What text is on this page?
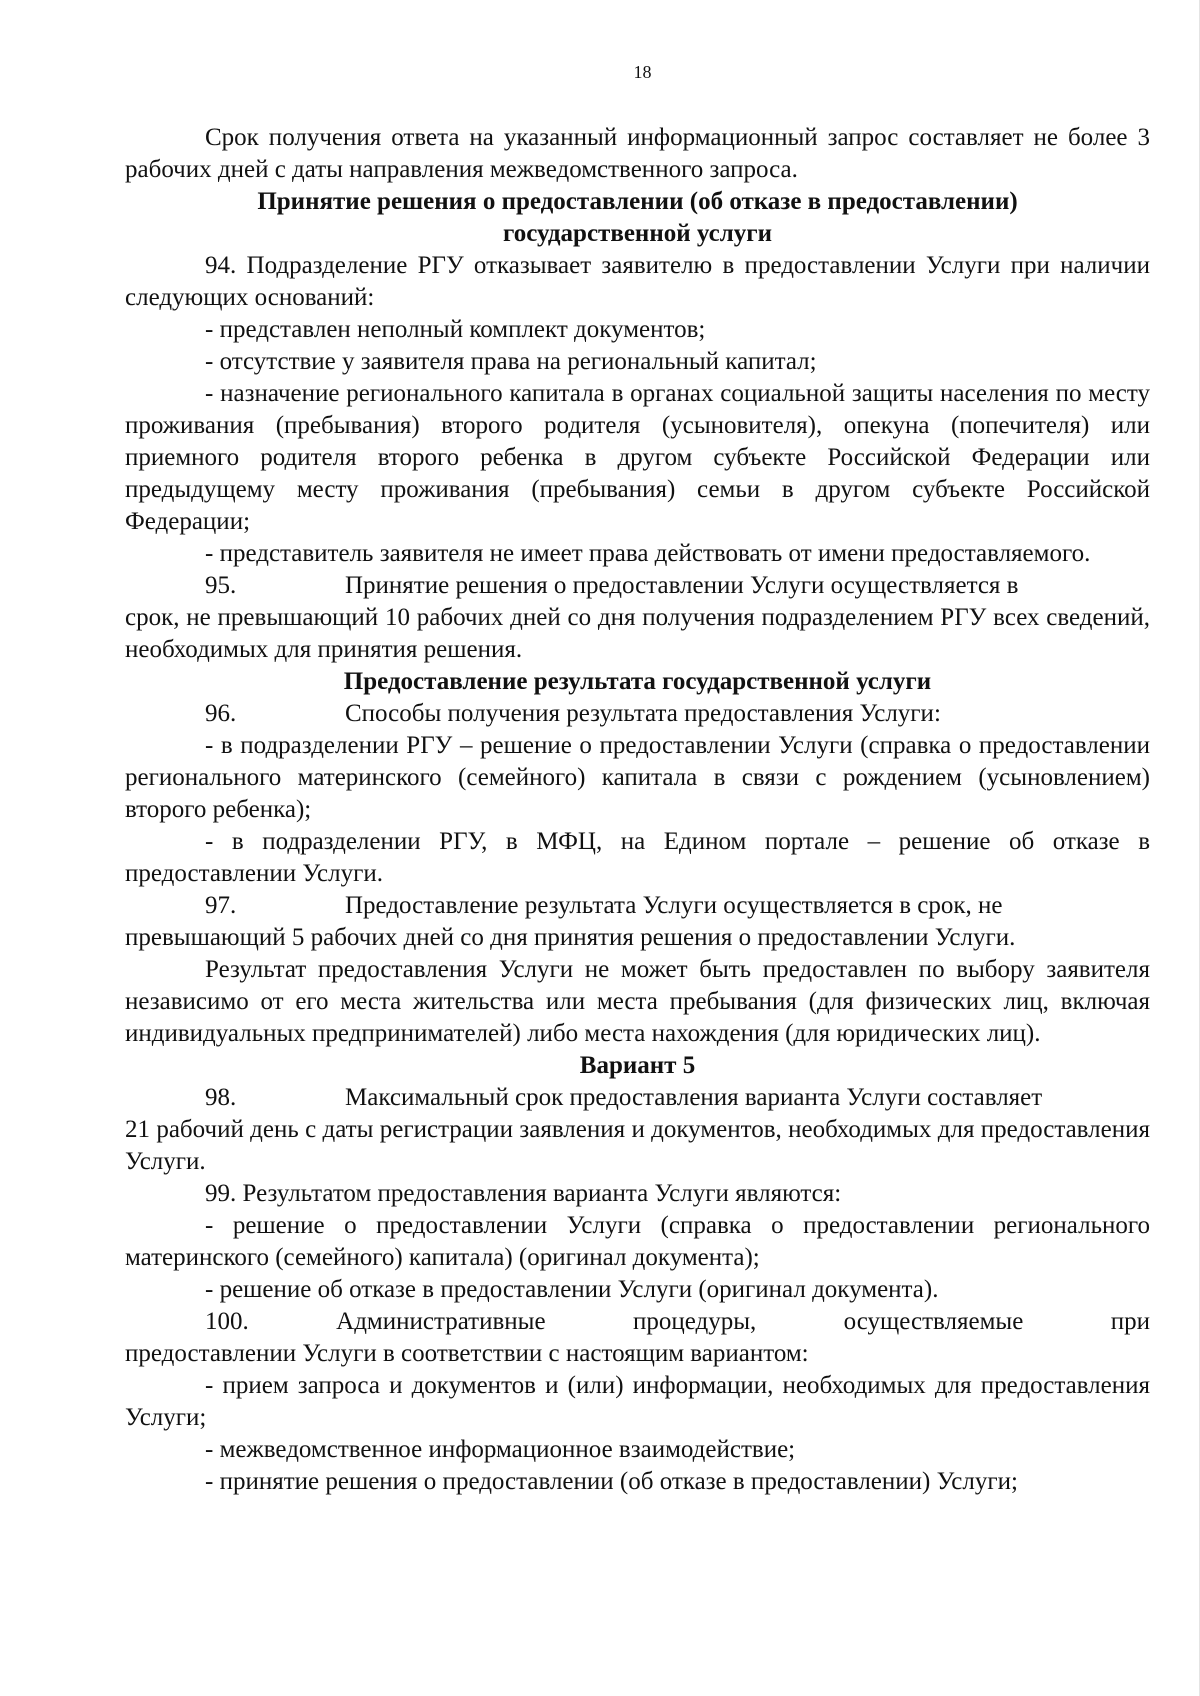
18

Срок получения ответа на указанный информационный запрос составляет не более 3 рабочих дней с даты направления межведомственного запроса.

Принятие решения о предоставлении (об отказе в предоставлении)

государственной услуги

94. Подразделение РГУ отказывает заявителю в предоставлении Услуги при наличии следующих оснований:

- представлен неполный комплект документов;

- отсутствие у заявителя права на региональный капитал;

- назначение регионального капитала в органах социальной защиты населения по месту проживания (пребывания) второго родителя (усыновителя), опекуна (попечителя) или приемного родителя второго ребенка в другом субъекте Российской Федерации или предыдущему месту проживания (пребывания) семьи в другом субъекте Российской Федерации;

- представитель заявителя не имеет права действовать от имени предоставляемого.

95.	Принятие решения о предоставлении Услуги осуществляется в
срок, не превышающий 10 рабочих дней со дня получения подразделением РГУ всех сведений, необходимых для принятия решения.

Предоставление результата государственной услуги

96.	Способы получения результата предоставления Услуги:

- в подразделении РГУ – решение о предоставлении Услуги (справка о предоставлении регионального материнского (семейного) капитала в связи с рождением (усыновлением) второго ребенка);

- в подразделении РГУ, в МФЦ, на Едином портале – решение об отказе в предоставлении Услуги.

97.	Предоставление результата Услуги осуществляется в срок, не
превышающий 5 рабочих дней со дня принятия решения о предоставлении Услуги.

Результат предоставления Услуги не может быть предоставлен по выбору заявителя независимо от его места жительства или места пребывания (для физических лиц, включая индивидуальных предпринимателей) либо места нахождения (для юридических лиц).

Вариант 5

98.	Максимальный срок предоставления варианта Услуги составляет
21 рабочий день с даты регистрации заявления и документов, необходимых для предоставления Услуги.

99. Результатом предоставления варианта Услуги являются:

- решение о предоставлении Услуги (справка о предоставлении регионального материнского (семейного) капитала) (оригинал документа);

- решение об отказе в предоставлении Услуги (оригинал документа).

100.	Административные	процедуры,	осуществляемые	при
предоставлении Услуги в соответствии с настоящим вариантом:

- прием запроса и документов и (или) информации, необходимых для предоставления Услуги;

- межведомственное информационное взаимодействие;

- принятие решения о предоставлении (об отказе в предоставлении) Услуги;
